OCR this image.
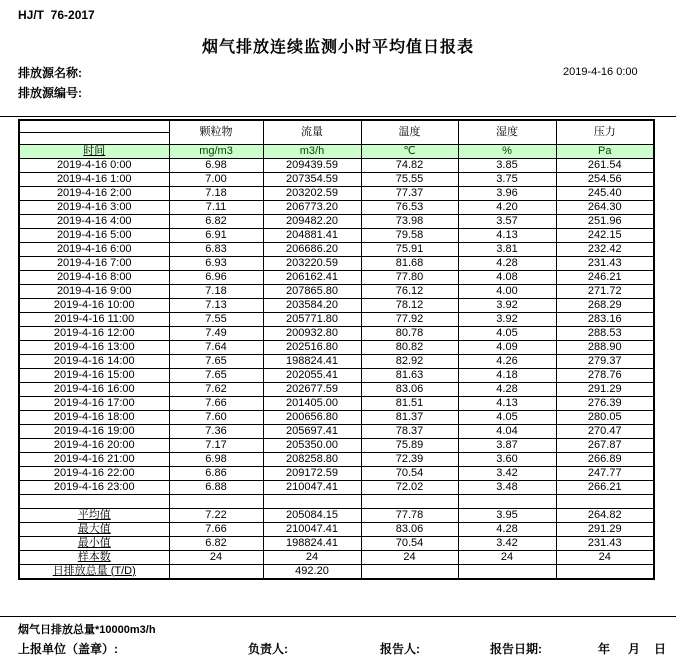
HJ/T  76-2017
烟气排放连续监测小时平均值日报表
排放源名称:
排放源编号:
2019-4-16 0:00
	颗粒物	流量	温度	湿度	压力

时间	mg/m3	m3/h	℃	%	Pa
2019-4-16 0:00	6.98	209439.59	74.82	3.85	261.54
2019-4-16 1:00	7.00	207354.59	75.55	3.75	254.56
2019-4-16 2:00	7.18	203202.59	77.37	3.96	245.40
2019-4-16 3:00	7.11	206773.20	76.53	4.20	264.30
2019-4-16 4:00	6.82	209482.20	73.98	3.57	251.96
2019-4-16 5:00	6.91	204881.41	79.58	4.13	242.15
2019-4-16 6:00	6.83	206686.20	75.91	3.81	232.42
2019-4-16 7:00	6.93	203220.59	81.68	4.28	231.43
2019-4-16 8:00	6.96	206162.41	77.80	4.08	246.21
2019-4-16 9:00	7.18	207865.80	76.12	4.00	271.72
2019-4-16 10:00	7.13	203584.20	78.12	3.92	268.29
2019-4-16 11:00	7.55	205771.80	77.92	3.92	283.16
2019-4-16 12:00	7.49	200932.80	80.78	4.05	288.53
2019-4-16 13:00	7.64	202516.80	80.82	4.09	288.90
2019-4-16 14:00	7.65	198824.41	82.92	4.26	279.37
2019-4-16 15:00	7.65	202055.41	81.63	4.18	278.76
2019-4-16 16:00	7.62	202677.59	83.06	4.28	291.29
2019-4-16 17:00	7.66	201405.00	81.51	4.13	276.39
2019-4-16 18:00	7.60	200656.80	81.37	4.05	280.05
2019-4-16 19:00	7.36	205697.41	78.37	4.04	270.47
2019-4-16 20:00	7.17	205350.00	75.89	3.87	267.87
2019-4-16 21:00	6.98	208258.80	72.39	3.60	266.89
2019-4-16 22:00	6.86	209172.59	70.54	3.42	247.77
2019-4-16 23:00	6.88	210047.41	72.02	3.48	266.21

平均值	7.22	205084.15	77.78	3.95	264.82
最大值	7.66	210047.41	83.06	4.28	291.29
最小值	6.82	198824.41	70.54	3.42	231.43
样本数	24	24	24	24	24
日排放总量 (T/D)		492.20			
烟气日排放总量*10000m3/h
上报单位（盖章）:	负责人:	报告人:	报告日期:	年 月 日
